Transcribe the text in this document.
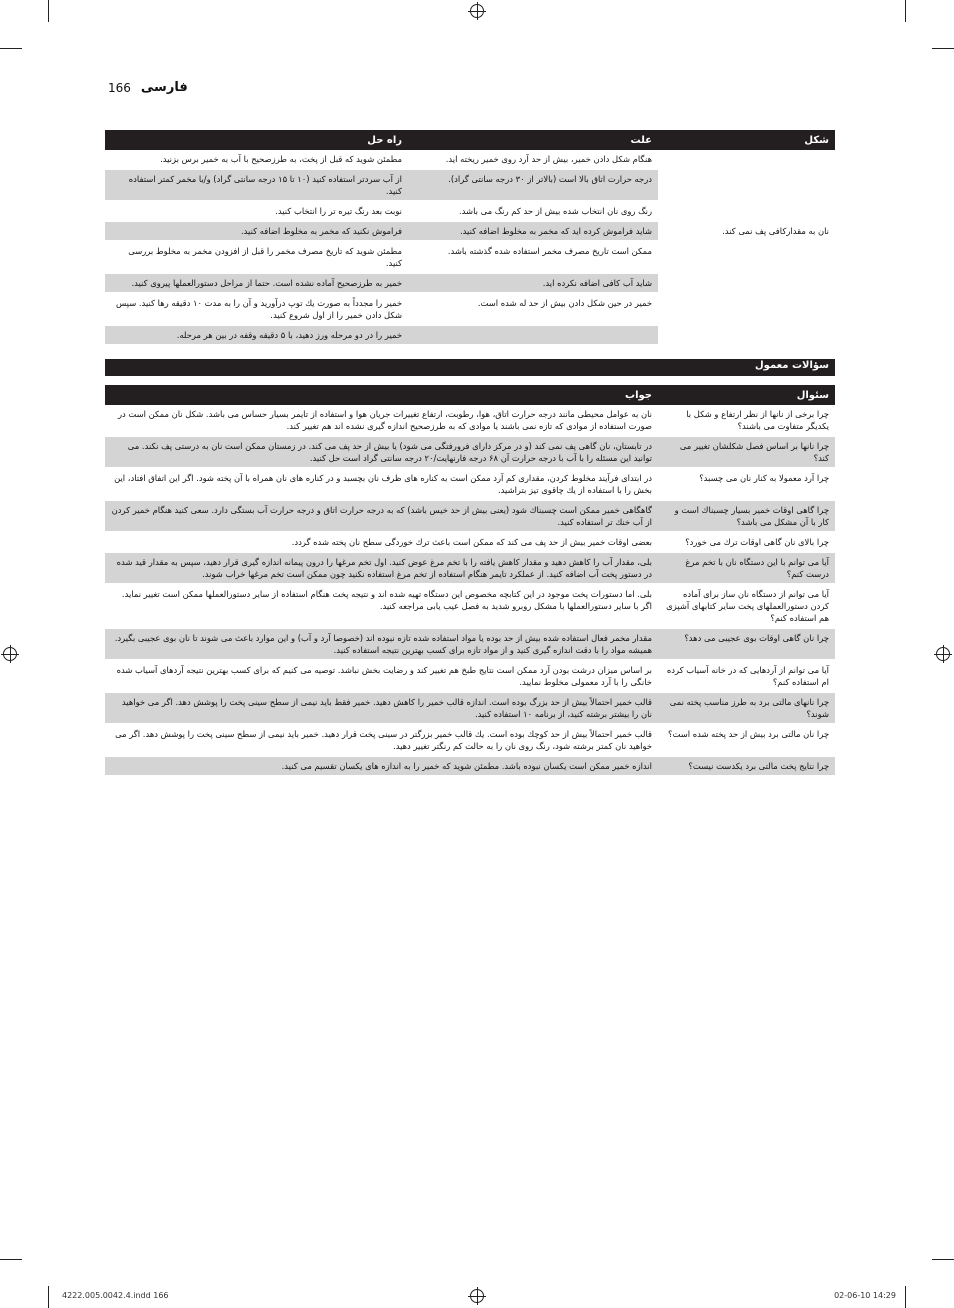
166 فارسی
شکل	علت	راه حل
	هنگام شکل دادن خمیر، بیش از حد آرد روی خمیر ریخته اید.	مطمئن شوید که قبل از پخت، به طرزصحیح با آب به خمیر برس بزنید.
	درجه حرارت اتاق بالا است (بالاتر از ۳۰ درجه سانتی گراد).	از آب سردتر استفاده کنید (۱۰ تا ۱۵ درجه سانتی گراد) و/یا مخمر کمتر استفاده کنید.
	رنگ روی نان انتخاب شده بیش از حد کم رنگ می باشد.	نوبت بعد رنگ تیره تر را انتخاب کنید.
نان به مقدارکافی پف نمی کند.	شاید فراموش کرده اید که مخمر به مخلوط اضافه کنید.	فراموش نکنید که مخمر به مخلوط اضافه کنید.
	ممکن است تاریخ مصرف مخمر استفاده شده گذشته باشد.	مطمئن شوید که تاریخ مصرف مخمر را قبل از افزودن مخمر به مخلوط بررسی کنید.
	شاید آب کافی اضافه نکرده اید.	خمیر به طرزصحیح آماده نشده است. حتما از مراحل دستورالعملها پیروی کنید.
	خمیر در حین شکل دادن بیش از حد له شده است.	خمیر را مجدداً به صورت یك توپ درآورید و آن را به مدت ۱۰ دقیقه رها كنید. سپس شکل دادن خمیر را از اول شروع کنید.
		خمیر را در دو مرحله ورز دهید، با ۵ دقیقه وقفه در بین هر مرحله.
سؤالات معمول
سئوال	جواب
چرا برخی از نانها از نظر ارتفاع و شکل با یکدیگر متفاوت می باشند؟	نان به عوامل محیطی مانند درجه حرارت اتاق، هوا، رطوبت، ارتفاع تغییرات جریان هوا و استفاده از تایمر بسیار حساس می باشد. شکل نان ممکن است در صورت استفاده از موادی که تازه نمی باشند یا موادی که به طرزصحیح اندازه گیری نشده اند هم تغییر کند.
چرا نانها بر اساس فصل شکلشان تغییر می کند؟	در تابستان، نان گاهی پف نمی کند (و در مرکز دارای فرورفتگی می شود) یا بیش از حد پف می کند. در زمستان ممکن است نان به درستی پف نکند. می توانید این مسئله را با آب با درجه حرارت آن ۶۸ درجه فارنهایت/۲۰ درجه سانتی گراد است حل کنید.
چرا آرد معمولا به کنار نان می چسبد؟	در ابتدای فرآیند مخلوط کردن، مقداری کم آرد ممکن است به کناره های ظرف نان بچسبد و در کناره های نان همراه با آن پخته شود. اگر این اتفاق افتاد، این بخش را با استفاده از یك چاقوی تیز بتراشید.
چرا گاهی اوقات خمیر بسیار چسبناك است و کار با آن مشکل می باشد؟	گاهگاهی خمیر ممکن است چسبناك شود (یعنی بیش از حد خیس باشد) که به درجه حرارت اتاق و درجه حرارت آب بستگی دارد. سعی کنید هنگام خمیر کردن از آب خنك تر استفاده کنید.
چرا بالای نان گاهی اوقات ترك می خورد؟	بعضی اوقات خمیر بیش از حد پف می کند که ممکن است باعث ترك خوردگی سطح نان پخته شده گردد.
آیا می توانم با این دستگاه نان با تخم مرغ درست کنم؟	بلی، مقدار آب را کاهش دهید و مقدار کاهش یافته را با تخم مرغ عوض کنید. اول تخم مرغها را درون پیمانه اندازه گیری قرار دهید، سپس به مقدار قید شده در دستور پخت آب اضافه کنید. از عملکرد تایمر هنگام استفاده از تخم مرغ استفاده نکنید چون ممکن است تخم مرغها خراب شوند.
آیا می توانم از دستگاه نان ساز برای آماده کردن دستورالعملهای پخت سایر کتابهای آشپزی هم استفاده کنم؟	بلی. اما دستورات پخت موجود در این کتابچه مخصوص این دستگاه تهیه شده اند و نتیجه پخت هنگام استفاده از سایر دستورالعملها ممکن است تغییر نماید. اگر با سایر دستورالعملها با مشکل روبرو شدید به فصل عیب یابی مراجعه کنید.
چرا نان گاهی اوقات بوی عجیبی می دهد؟	مقدار مخمر فعال استفاده شده بیش از حد بوده یا مواد استفاده شده تازه نبوده اند (خصوصا آرد و آب) و این موارد باعث می شوند تا نان بوی عجیبی بگیرد. همیشه مواد را با دقت اندازه گیری کنید و از مواد تازه برای کسب بهترین نتیجه استفاده کنید.
آیا می توانم از آردهایی که در خانه آسیاب کرده ام استفاده کنم؟	بر اساس میزان درشت بودن آرد ممکن است نتایج طبخ هم تغییر کند و رضایت بخش نباشد. توصیه می کنیم که برای کسب بهترین نتیجه آردهای آسیاب شده خانگی را با آرد معمولی مخلوط نمایید.
چرا نانهای مالتی برد به طرز مناسب پخته نمی شوند؟	قالب خمیر احتمالاً بیش از حد بزرگ بوده است. اندازه قالب خمیر را کاهش دهید. خمیر فقط باید نیمی از سطح سینی پخت را پوشش دهد. اگر می خواهید نان را بیشتر برشته کنید، از برنامه ۱۰ استفاده کنید.
چرا نان مالتی برد بیش از حد پخته شده است؟	قالب خمیر احتمالاً بیش از حد کوچك بوده است. يك قالب خمیر بزرگتر در سینی پخت قرار دهید. خمیر باید نیمی از سطح سینی پخت را پوشش دهد. اگر می خواهید نان کمتر برشته شود، رنگ روی نان را به حالت کم رنگتر تغییر دهید.
چرا نتایج پخت مالتی برد یکدست نیست؟	اندازه خمیر ممکن است یکسان نبوده باشد. مطمئن شوید که خمیر را به اندازه های یکسان تقسیم می کنید.
4222.005.0042.4.indd 166	02-06-10 14:29
